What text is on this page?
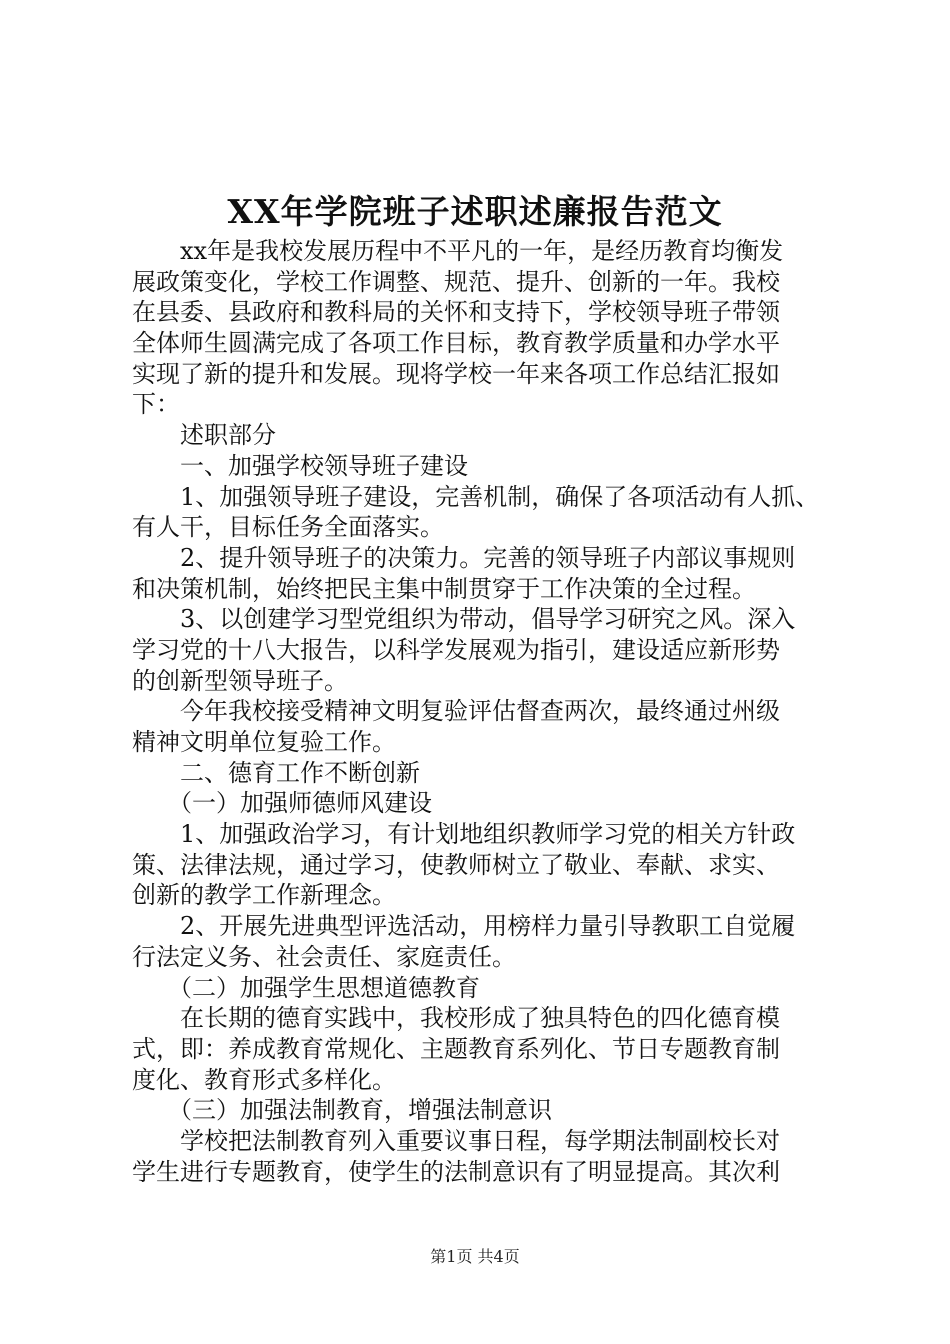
XX年学院班子述职述廉报告范文
　　xx年是我校发展历程中不平凡的一年，是经历教育均衡发
展政策变化，学校工作调整、规范、提升、创新的一年。我校
在县委、县政府和教科局的关怀和支持下，学校领导班子带领
全体师生圆满完成了各项工作目标，教育教学质量和办学水平
实现了新的提升和发展。现将学校一年来各项工作总结汇报如
下：
　　述职部分
　　一、加强学校领导班子建设
　　1、加强领导班子建设，完善机制，确保了各项活动有人抓、
有人干，目标任务全面落实。
　　2、提升领导班子的决策力。完善的领导班子内部议事规则
和决策机制，始终把民主集中制贯穿于工作决策的全过程。
　　3、以创建学习型党组织为带动，倡导学习研究之风。深入
学习党的十八大报告，以科学发展观为指引，建设适应新形势
的创新型领导班子。
　　今年我校接受精神文明复验评估督查两次，最终通过州级
精神文明单位复验工作。
　　二、德育工作不断创新
　　（一）加强师德师风建设
　　1、加强政治学习，有计划地组织教师学习党的相关方针政
策、法律法规，通过学习，使教师树立了敬业、奉献、求实、
创新的教学工作新理念。
　　2、开展先进典型评选活动，用榜样力量引导教职工自觉履
行法定义务、社会责任、家庭责任。
　　（二）加强学生思想道德教育
　　在长期的德育实践中，我校形成了独具特色的四化德育模
式，即：养成教育常规化、主题教育系列化、节日专题教育制
度化、教育形式多样化。
　　（三）加强法制教育，增强法制意识
　　学校把法制教育列入重要议事日程，每学期法制副校长对
学生进行专题教育，使学生的法制意识有了明显提高。其次利
第1页 共4页
